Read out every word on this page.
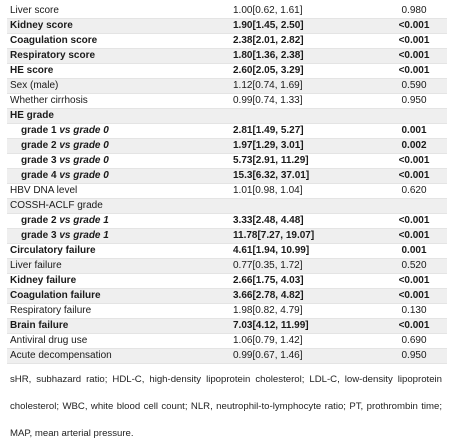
Liver score	1.00[0.62, 1.61]	0.980
Kidney score	1.90[1.45, 2.50]	<0.001
Coagulation score	2.38[2.01, 2.82]	<0.001
Respiratory score	1.80[1.36, 2.38]	<0.001
HE score	2.60[2.05, 3.29]	<0.001
Sex (male)	1.12[0.74, 1.69]	0.590
Whether cirrhosis	0.99[0.74, 1.33]	0.950
HE grade		
grade 1 vs grade 0	2.81[1.49, 5.27]	0.001
grade 2 vs grade 0	1.97[1.29, 3.01]	0.002
grade 3 vs grade 0	5.73[2.91, 11.29]	<0.001
grade 4 vs grade 0	15.3[6.32, 37.01]	<0.001
HBV DNA level	1.01[0.98, 1.04]	0.620
COSSH-ACLF grade		
grade 2 vs grade 1	3.33[2.48, 4.48]	<0.001
grade 3 vs grade 1	11.78[7.27, 19.07]	<0.001
Circulatory failure	4.61[1.94, 10.99]	0.001
Liver failure	0.77[0.35, 1.72]	0.520
Kidney failure	2.66[1.75, 4.03]	<0.001
Coagulation failure	3.66[2.78, 4.82]	<0.001
Respiratory failure	1.98[0.82, 4.79]	0.130
Brain failure	7.03[4.12, 11.99]	<0.001
Antiviral drug use	1.06[0.79, 1.42]	0.690
Acute decompensation	0.99[0.67, 1.46]	0.950
sHR, subhazard ratio; HDL-C, high-density lipoprotein cholesterol; LDL-C, low-density lipoprotein cholesterol; WBC, white blood cell count; NLR, neutrophil-to-lymphocyte ratio; PT, prothrombin time; MAP, mean arterial pressure.
